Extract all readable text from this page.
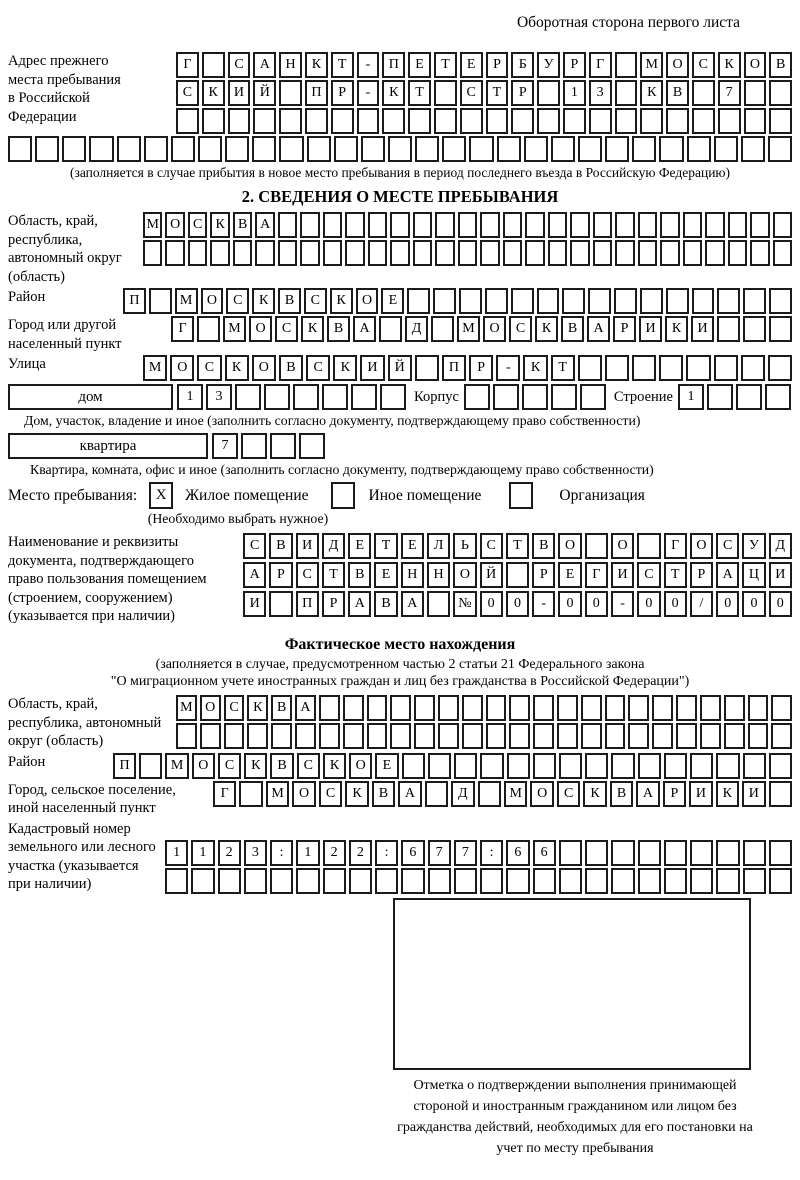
Оборотная сторона первого листа
Адрес прежнего места пребывания в Российской Федерации
Г	С	А	Н	К	Т	-	П	Е	Т	Е	Р	Б	У	Р	Г	М	О	С	К	О	В
С	К	И	Й	П	Р	-	К	Т	С	Т	Р	1	3	К	В	7
(заполняется в случае прибытия в новое место пребывания в период последнего въезда в Российскую Федерацию)
2. СВЕДЕНИЯ О МЕСТЕ ПРЕБЫВАНИЯ
Область, край, республика, автономный округ (область)
М О С К В А
Район	П	М	О	С	К	В	С	К	О	Е
Город или другой населенный пункт
Г	М	О	С	К	В	А	Д	М	О	С	К	В	А	Р	И	К	И
Улица	М	О	С	К	О	В	С	К	И	Й	П	Р	-	К	Т
дом	1	3	Корпус	Строение	1
Дом, участок, владение и иное (заполнить согласно документу, подтверждающему право собственности)
квартира	7
Квартира, комната, офис и иное (заполнить согласно документу, подтверждающему право собственности)
Место пребывания:	X	Жилое помещение	Иное помещение	Организация
(Необходимо выбрать нужное)
Наименование и реквизиты документа, подтверждающего право пользования помещением (строением, сооружением) (указывается при наличии)
С	В	И	Д	Е	Т	Е	Л	Ь	С	Т	В	О	О	Г	О	С	У	Д
А	Р	С	Т	В	Е	Н	Н	О	Й	Р	Е	Г	И	С	Т	Р	А	Ц	И
И	П	Р	А	В	А	№	0	0	-	0	0	-	0	0	/	0	0	0
Фактическое место нахождения
(заполняется в случае, предусмотренном частью 2 статьи 21 Федерального закона
"О миграционном учете иностранных граждан и лиц без гражданства в Российской Федерации")
Область, край, республика, автономный округ (область)
М О	С	К	В	А
Район	П	М	О	С	К	В	С	К	О	Е
Город, сельское поселение, иной населенный пункт
Г	М	О	С	К	В	А	Д	М	О	С	К	В	А	Р	И	К	И
Кадастровый номер земельного или лесного участка (указывается при наличии)
1	1	2	3	:	1	2	2	:	6	7	7	:	6	6
Отметка о подтверждении выполнения принимающей стороной и иностранным гражданином или лицом без гражданства действий, необходимых для его постановки на учет по месту пребывания
